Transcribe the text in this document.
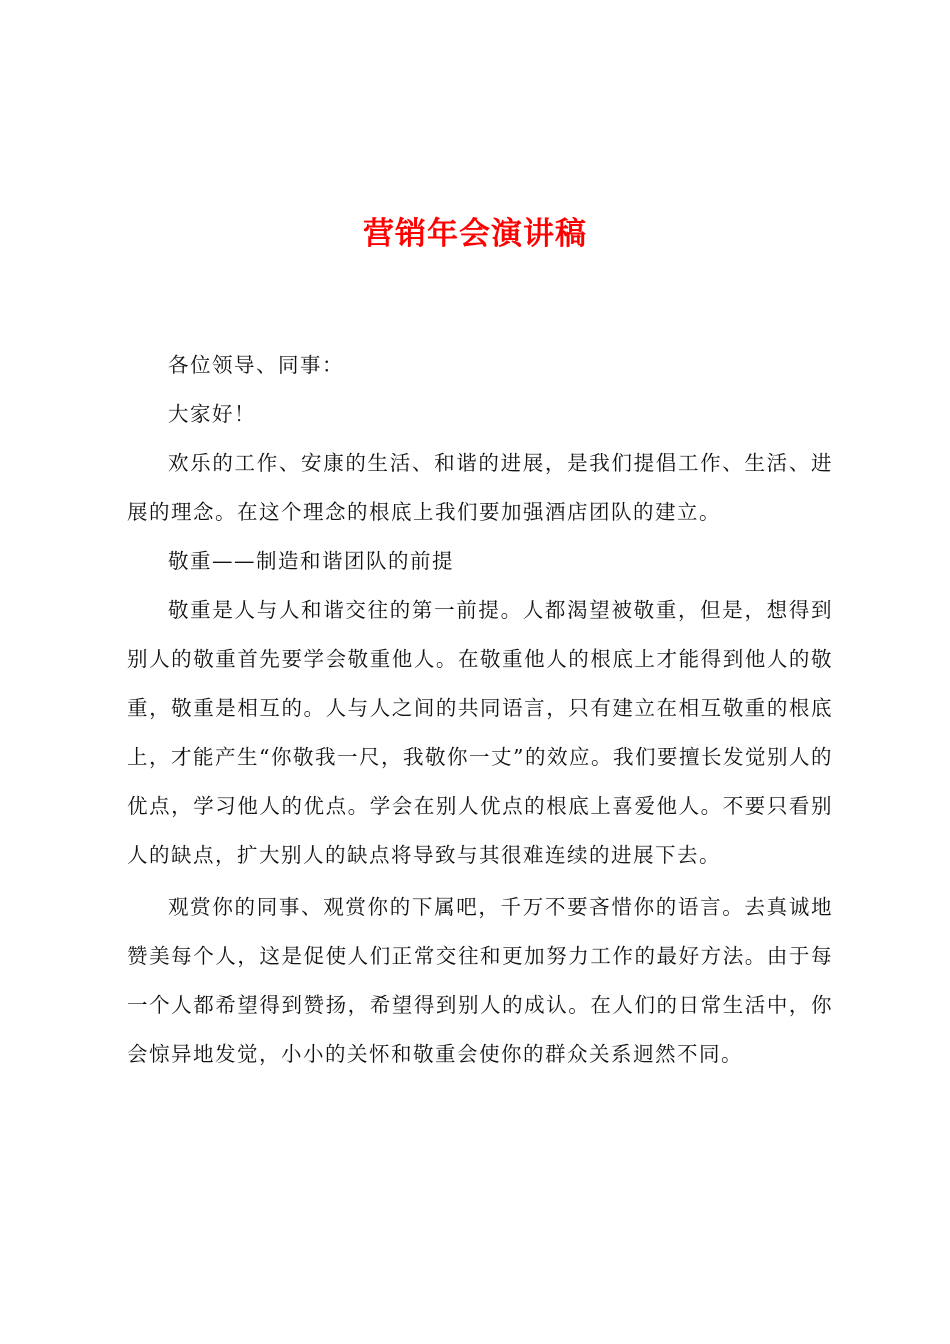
营销年会演讲稿

各位领导、同事：

大家好！

欢乐的工作、安康的生活、和谐的进展，是我们提倡工作、生活、进展的理念。在这个理念的根底上我们要加强酒店团队的建立。

敬重——制造和谐团队的前提

敬重是人与人和谐交往的第一前提。人都渴望被敬重，但是，想得到别人的敬重首先要学会敬重他人。在敬重他人的根底上才能得到他人的敬重，敬重是相互的。人与人之间的共同语言，只有建立在相互敬重的根底上，才能产生“你敬我一尺，我敬你一丈”的效应。我们要擅长发觉别人的优点，学习他人的优点。学会在别人优点的根底上喜爱他人。不要只看别人的缺点，扩大别人的缺点将导致与其很难连续的进展下去。

观赏你的同事、观赏你的下属吧，千万不要吝惜你的语言。去真诚地赞美每个人，这是促使人们正常交往和更加努力工作的最好方法。由于每一个人都希望得到赞扬，希望得到别人的成认。在人们的日常生活中，你会惊异地发觉，小小的关怀和敬重会使你的群众关系迥然不同。
